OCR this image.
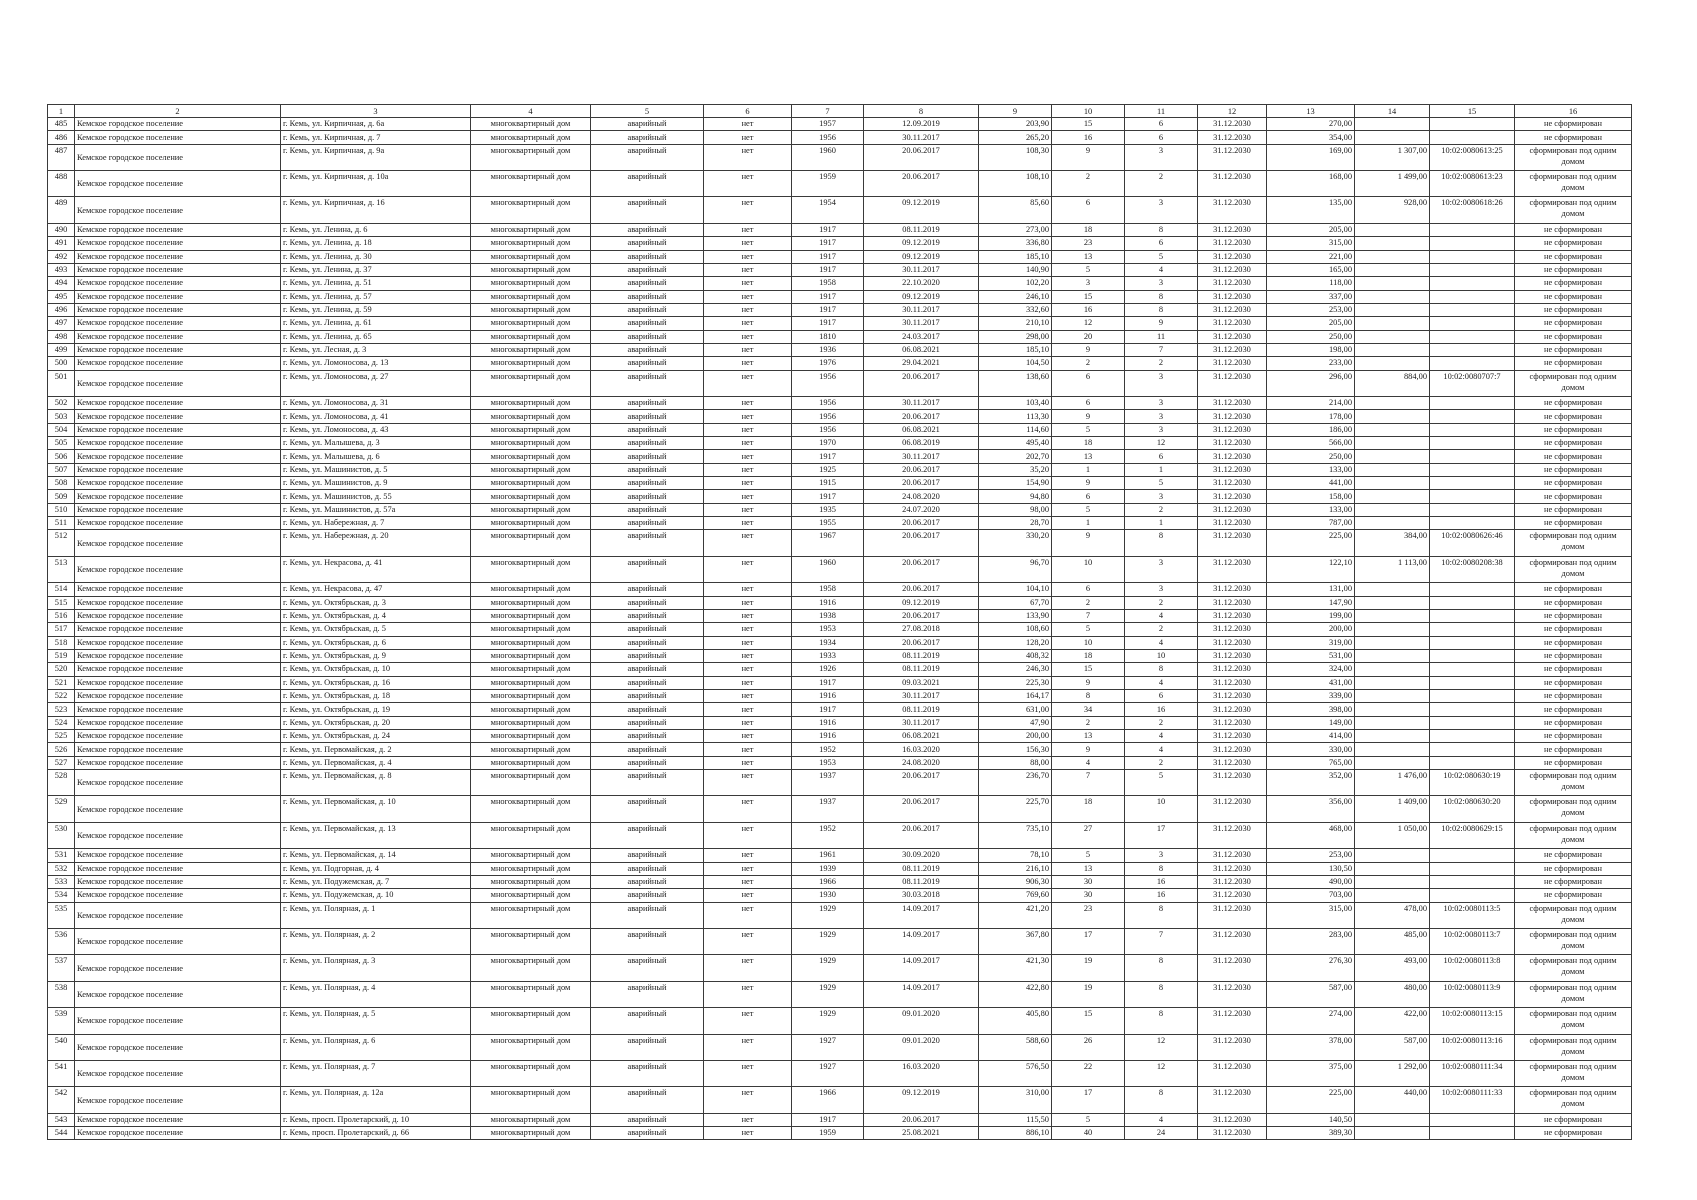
1	2	3	4	5	6	7	8	9	10	11	12	13	14	15	16
485	Кемское городское поселение	г. Кемь, ул. Кирпичная, д. 6а	многоквартирный дом	аварийный	нет	1957	12.09.2019	203,90	15	6	31.12.2030	270,00			не сформирован
486	Кемское городское поселение	г. Кемь, ул. Кирпичная, д. 7	многоквартирный дом	аварийный	нет	1956	30.11.2017	265,20	16	6	31.12.2030	354,00			не сформирован
487	Кемское городское поселение	г. Кемь, ул. Кирпичная, д. 9а	многоквартирный дом	аварийный	нет	1960	20.06.2017	108,30	9	3	31.12.2030	169,00	1 307,00	10:02:0080613:25	сформирован под одним домом
488	Кемское городское поселение	г. Кемь, ул. Кирпичная, д. 10а	многоквартирный дом	аварийный	нет	1959	20.06.2017	108,10	2	2	31.12.2030	168,00	1 499,00	10:02:0080613:23	сформирован под одним домом
489	Кемское городское поселение	г. Кемь, ул. Кирпичная, д. 16	многоквартирный дом	аварийный	нет	1954	09.12.2019	85,60	6	3	31.12.2030	135,00	928,00	10:02:0080618:26	сформирован под одним домом
490	Кемское городское поселение	г. Кемь, ул. Ленина, д. 6	многоквартирный дом	аварийный	нет	1917	08.11.2019	273,00	18	8	31.12.2030	205,00			не сформирован
491	Кемское городское поселение	г. Кемь, ул. Ленина, д. 18	многоквартирный дом	аварийный	нет	1917	09.12.2019	336,80	23	6	31.12.2030	315,00			не сформирован
492	Кемское городское поселение	г. Кемь, ул. Ленина, д. 30	многоквартирный дом	аварийный	нет	1917	09.12.2019	185,10	13	5	31.12.2030	221,00			не сформирован
493	Кемское городское поселение	г. Кемь, ул. Ленина, д. 37	многоквартирный дом	аварийный	нет	1917	30.11.2017	140,90	5	4	31.12.2030	165,00			не сформирован
494	Кемское городское поселение	г. Кемь, ул. Ленина, д. 51	многоквартирный дом	аварийный	нет	1958	22.10.2020	102,20	3	3	31.12.2030	118,00			не сформирован
495	Кемское городское поселение	г. Кемь, ул. Ленина, д. 57	многоквартирный дом	аварийный	нет	1917	09.12.2019	246,10	15	8	31.12.2030	337,00			не сформирован
496	Кемское городское поселение	г. Кемь, ул. Ленина, д. 59	многоквартирный дом	аварийный	нет	1917	30.11.2017	332,60	16	8	31.12.2030	253,00			не сформирован
497	Кемское городское поселение	г. Кемь, ул. Ленина, д. 61	многоквартирный дом	аварийный	нет	1917	30.11.2017	210,10	12	9	31.12.2030	205,00			не сформирован
498	Кемское городское поселение	г. Кемь, ул. Ленина, д. 65	многоквартирный дом	аварийный	нет	1810	24.03.2017	298,00	20	11	31.12.2030	250,00			не сформирован
499	Кемское городское поселение	г. Кемь, ул. Лесная, д. 3	многоквартирный дом	аварийный	нет	1936	06.08.2021	185,10	9	7	31.12.2030	198,00			не сформирован
500	Кемское городское поселение	г. Кемь, ул. Ломоносова, д. 13	многоквартирный дом	аварийный	нет	1976	29.04.2021	104,50	2	2	31.12.2030	233,00			не сформирован
501	Кемское городское поселение	г. Кемь, ул. Ломоносова, д. 27	многоквартирный дом	аварийный	нет	1956	20.06.2017	138,60	6	3	31.12.2030	296,00	884,00	10:02:0080707:7	сформирован под одним домом
502	Кемское городское поселение	г. Кемь, ул. Ломоносова, д. 31	многоквартирный дом	аварийный	нет	1956	30.11.2017	103,40	6	3	31.12.2030	214,00			не сформирован
503	Кемское городское поселение	г. Кемь, ул. Ломоносова, д. 41	многоквартирный дом	аварийный	нет	1956	20.06.2017	113,30	9	3	31.12.2030	178,00			не сформирован
504	Кемское городское поселение	г. Кемь, ул. Ломоносова, д. 43	многоквартирный дом	аварийный	нет	1956	06.08.2021	114,60	5	3	31.12.2030	186,00			не сформирован
505	Кемское городское поселение	г. Кемь, ул. Малышева, д. 3	многоквартирный дом	аварийный	нет	1970	06.08.2019	495,40	18	12	31.12.2030	566,00			не сформирован
506	Кемское городское поселение	г. Кемь, ул. Малышева, д. 6	многоквартирный дом	аварийный	нет	1917	30.11.2017	202,70	13	6	31.12.2030	250,00			не сформирован
507	Кемское городское поселение	г. Кемь, ул. Машинистов, д. 5	многоквартирный дом	аварийный	нет	1925	20.06.2017	35,20	1	1	31.12.2030	133,00			не сформирован
508	Кемское городское поселение	г. Кемь, ул. Машинистов, д. 9	многоквартирный дом	аварийный	нет	1915	20.06.2017	154,90	9	5	31.12.2030	441,00			не сформирован
509	Кемское городское поселение	г. Кемь, ул. Машинистов, д. 55	многоквартирный дом	аварийный	нет	1917	24.08.2020	94,80	6	3	31.12.2030	158,00			не сформирован
510	Кемское городское поселение	г. Кемь, ул. Машинистов, д. 57а	многоквартирный дом	аварийный	нет	1935	24.07.2020	98,00	5	2	31.12.2030	133,00			не сформирован
511	Кемское городское поселение	г. Кемь, ул. Набережная, д. 7	многоквартирный дом	аварийный	нет	1955	20.06.2017	28,70	1	1	31.12.2030	787,00			не сформирован
512	Кемское городское поселение	г. Кемь, ул. Набережная, д. 20	многоквартирный дом	аварийный	нет	1967	20.06.2017	330,20	9	8	31.12.2030	225,00	384,00	10:02:0080626:46	сформирован под одним домом
513	Кемское городское поселение	г. Кемь, ул. Некрасова, д. 41	многоквартирный дом	аварийный	нет	1960	20.06.2017	96,70	10	3	31.12.2030	122,10	1 113,00	10:02:0080208:38	сформирован под одним домом
514	Кемское городское поселение	г. Кемь, ул. Некрасова, д. 47	многоквартирный дом	аварийный	нет	1958	20.06.2017	104,10	6	3	31.12.2030	131,00			не сформирован
515	Кемское городское поселение	г. Кемь, ул. Октябрьская, д. 3	многоквартирный дом	аварийный	нет	1916	09.12.2019	67,70	2	2	31.12.2030	147,90			не сформирован
516	Кемское городское поселение	г. Кемь, ул. Октябрьская, д. 4	многоквартирный дом	аварийный	нет	1938	20.06.2017	133,90	7	4	31.12.2030	199,00			не сформирован
517	Кемское городское поселение	г. Кемь, ул. Октябрьская, д. 5	многоквартирный дом	аварийный	нет	1953	27.08.2018	108,60	5	2	31.12.2030	200,00			не сформирован
518	Кемское городское поселение	г. Кемь, ул. Октябрьская, д. 6	многоквартирный дом	аварийный	нет	1934	20.06.2017	128,20	10	4	31.12.2030	319,00			не сформирован
519	Кемское городское поселение	г. Кемь, ул. Октябрьская, д. 9	многоквартирный дом	аварийный	нет	1933	08.11.2019	408,32	18	10	31.12.2030	531,00			не сформирован
520	Кемское городское поселение	г. Кемь, ул. Октябрьская, д. 10	многоквартирный дом	аварийный	нет	1926	08.11.2019	246,30	15	8	31.12.2030	324,00			не сформирован
521	Кемское городское поселение	г. Кемь, ул. Октябрьская, д. 16	многоквартирный дом	аварийный	нет	1917	09.03.2021	225,30	9	4	31.12.2030	431,00			не сформирован
522	Кемское городское поселение	г. Кемь, ул. Октябрьская, д. 18	многоквартирный дом	аварийный	нет	1916	30.11.2017	164,17	8	6	31.12.2030	339,00			не сформирован
523	Кемское городское поселение	г. Кемь, ул. Октябрьская, д. 19	многоквартирный дом	аварийный	нет	1917	08.11.2019	631,00	34	16	31.12.2030	398,00			не сформирован
524	Кемское городское поселение	г. Кемь, ул. Октябрьская, д. 20	многоквартирный дом	аварийный	нет	1916	30.11.2017	47,90	2	2	31.12.2030	149,00			не сформирован
525	Кемское городское поселение	г. Кемь, ул. Октябрьская, д. 24	многоквартирный дом	аварийный	нет	1916	06.08.2021	200,00	13	4	31.12.2030	414,00			не сформирован
526	Кемское городское поселение	г. Кемь, ул. Первомайская, д. 2	многоквартирный дом	аварийный	нет	1952	16.03.2020	156,30	9	4	31.12.2030	330,00			не сформирован
527	Кемское городское поселение	г. Кемь, ул. Первомайская, д. 4	многоквартирный дом	аварийный	нет	1953	24.08.2020	88,00	4	2	31.12.2030	765,00			не сформирован
528	Кемское городское поселение	г. Кемь, ул. Первомайская, д. 8	многоквартирный дом	аварийный	нет	1937	20.06.2017	236,70	7	5	31.12.2030	352,00	1 476,00	10:02:080630:19	сформирован под одним домом
529	Кемское городское поселение	г. Кемь, ул. Первомайская, д. 10	многоквартирный дом	аварийный	нет	1937	20.06.2017	225,70	18	10	31.12.2030	356,00	1 409,00	10:02:080630:20	сформирован под одним домом
530	Кемское городское поселение	г. Кемь, ул. Первомайская, д. 13	многоквартирный дом	аварийный	нет	1952	20.06.2017	735,10	27	17	31.12.2030	468,00	1 050,00	10:02:0080629:15	сформирован под одним домом
531	Кемское городское поселение	г. Кемь, ул. Первомайская, д. 14	многоквартирный дом	аварийный	нет	1961	30.09.2020	78,10	5	3	31.12.2030	253,00			не сформирован
532	Кемское городское поселение	г. Кемь, ул. Подгорная, д. 4	многоквартирный дом	аварийный	нет	1939	08.11.2019	216,10	13	8	31.12.2030	130,50			не сформирован
533	Кемское городское поселение	г. Кемь, ул. Подужемская, д. 7	многоквартирный дом	аварийный	нет	1966	08.11.2019	906,30	30	16	31.12.2030	490,00			не сформирован
534	Кемское городское поселение	г. Кемь, ул. Подужемская, д. 10	многоквартирный дом	аварийный	нет	1930	30.03.2018	769,60	30	16	31.12.2030	703,00			не сформирован
535	Кемское городское поселение	г. Кемь, ул. Полярная, д. 1	многоквартирный дом	аварийный	нет	1929	14.09.2017	421,20	23	8	31.12.2030	315,00	478,00	10:02:0080113:5	сформирован под одним домом
536	Кемское городское поселение	г. Кемь, ул. Полярная, д. 2	многоквартирный дом	аварийный	нет	1929	14.09.2017	367,80	17	7	31.12.2030	283,00	485,00	10:02:0080113:7	сформирован под одним домом
537	Кемское городское поселение	г. Кемь, ул. Полярная, д. 3	многоквартирный дом	аварийный	нет	1929	14.09.2017	421,30	19	8	31.12.2030	276,30	493,00	10:02:0080113:8	сформирован под одним домом
538	Кемское городское поселение	г. Кемь, ул. Полярная, д. 4	многоквартирный дом	аварийный	нет	1929	14.09.2017	422,80	19	8	31.12.2030	587,00	480,00	10:02:0080113:9	сформирован под одним домом
539	Кемское городское поселение	г. Кемь, ул. Полярная, д. 5	многоквартирный дом	аварийный	нет	1929	09.01.2020	405,80	15	8	31.12.2030	274,00	422,00	10:02:0080113:15	сформирован под одним домом
540	Кемское городское поселение	г. Кемь, ул. Полярная, д. 6	многоквартирный дом	аварийный	нет	1927	09.01.2020	588,60	26	12	31.12.2030	378,00	587,00	10:02:0080113:16	сформирован под одним домом
541	Кемское городское поселение	г. Кемь, ул. Полярная, д. 7	многоквартирный дом	аварийный	нет	1927	16.03.2020	576,50	22	12	31.12.2030	375,00	1 292,00	10:02:0080111:34	сформирован под одним домом
542	Кемское городское поселение	г. Кемь, ул. Полярная, д. 12а	многоквартирный дом	аварийный	нет	1966	09.12.2019	310,00	17	8	31.12.2030	225,00	440,00	10:02:0080111:33	сформирован под одним домом
543	Кемское городское поселение	г. Кемь, просп. Пролетарский, д. 10	многоквартирный дом	аварийный	нет	1917	20.06.2017	115,50	5	4	31.12.2030	140,50			не сформирован
544	Кемское городское поселение	г. Кемь, просп. Пролетарский, д. 66	многоквартирный дом	аварийный	нет	1959	25.08.2021	886,10	40	24	31.12.2030	389,30			не сформирован
